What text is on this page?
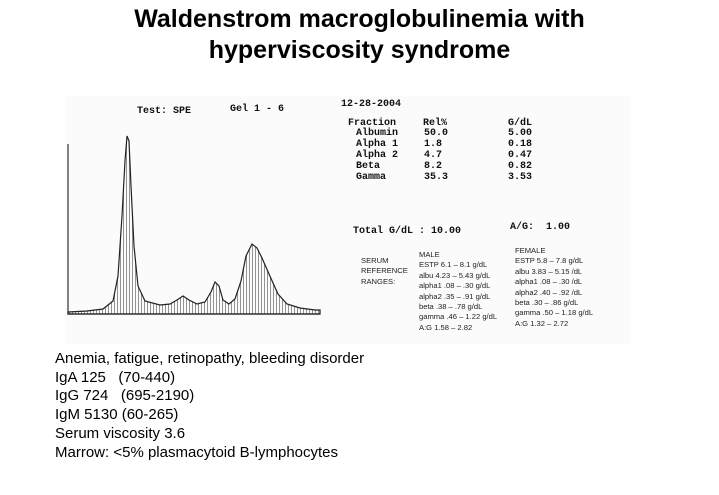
Waldenstrom macroglobulinemia with
hyperviscosity syndrome
Test: SPE	Gel 1 - 6	12-28-2004
Fraction	Rel%	G/dL
Albumin	50.0	5.00
Alpha 1	1.8	0.18
Alpha 2	4.7	0.47
Beta	8.2	0.82
Gamma	35.3	3.53
Total G/dL : 10.00	A/G:  1.00
SERUM
REFERENCE
RANGES:
MALE
ESTP 6.1 – 8.1 g/dL
albu 4.23 – 5.43 g/dL
alpha1 .08 – .30 g/dL
alpha2 .35 – .91 g/dL
beta .38 – .78 g/dL
gamma .46 – 1.22 g/dL
A:G 1.58 – 2.82
FEMALE
ESTP 5.8 – 7.8 g/dL
albu 3.83 – 5.15 /dL
alpha1 .08 – .30 /dL
alpha2 .40 – .92 /dL
beta .30 – .86 g/dL
gamma .50 – 1.18 g/dL
A:G 1.32 – 2.72
Anemia, fatigue, retinopathy, bleeding disorder
IgA 125   (70-440)
IgG 724   (695-2190)
IgM 5130 (60-265)
Serum viscosity 3.6
Marrow: <5% plasmacytoid B-lymphocytes
